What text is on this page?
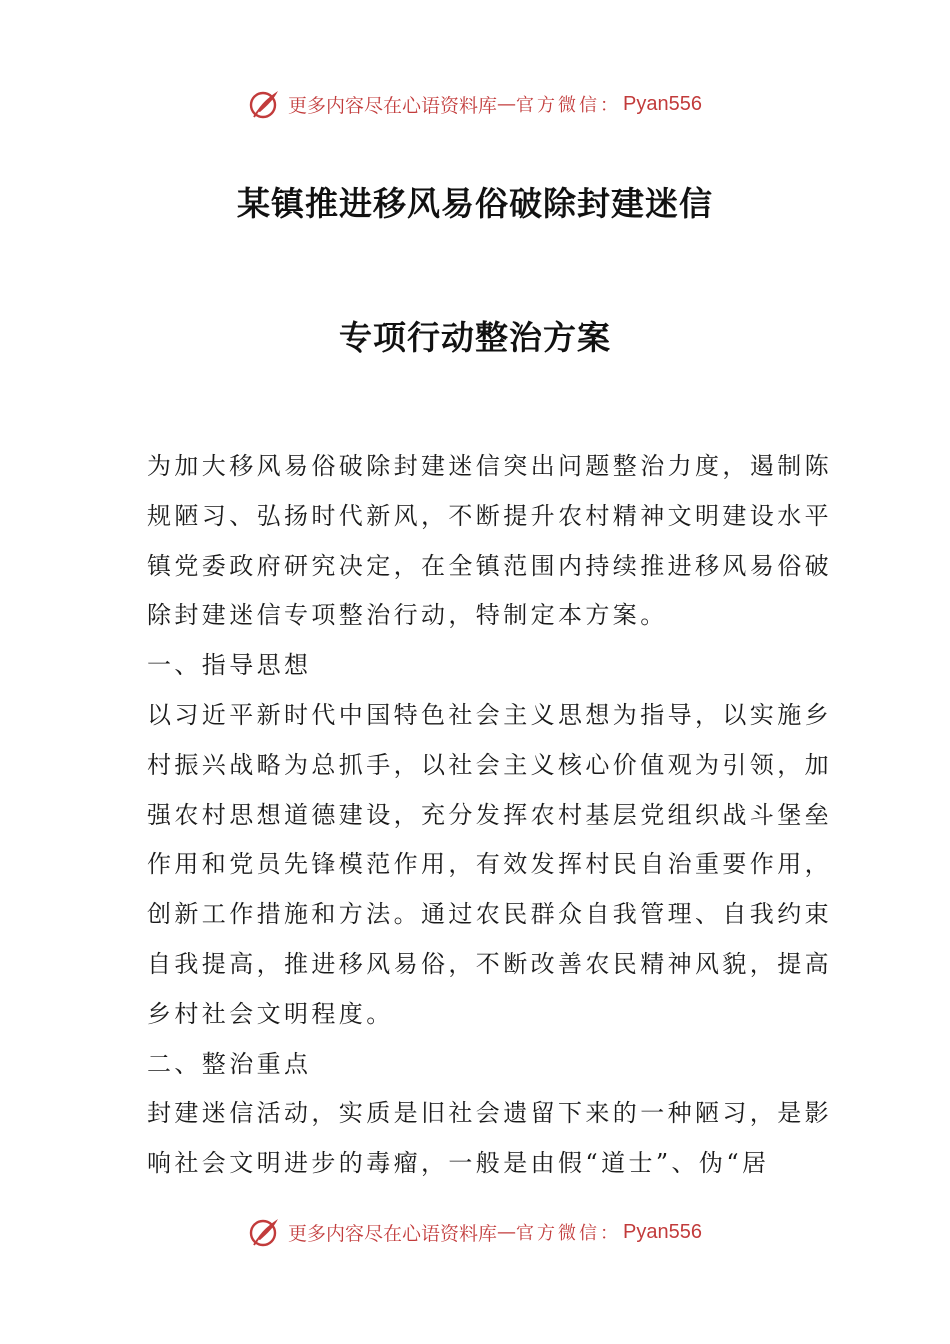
更多内容尽在心语资料库 — 官方微信： Pyan556
某镇推进移风易俗破除封建迷信
专项行动整治方案
为加大移风易俗破除封建迷信突出问题整治力度，遏制陈
规陋习、弘扬时代新风，不断提升农村精神文明建设水平
镇党委政府研究决定，在全镇范围内持续推进移风易俗破
除封建迷信专项整治行动，特制定本方案。
一、指导思想
以习近平新时代中国特色社会主义思想为指导，以实施乡
村振兴战略为总抓手，以社会主义核心价值观为引领，加
强农村思想道德建设，充分发挥农村基层党组织战斗堡垒
作用和党员先锋模范作用，有效发挥村民自治重要作用，
创新工作措施和方法。通过农民群众自我管理、自我约束
自我提高，推进移风易俗，不断改善农民精神风貌，提高
乡村社会文明程度。
二、整治重点
封建迷信活动，实质是旧社会遗留下来的一种陋习，是影
响社会文明进步的毒瘤，一般是由假“道士”、伪“居
更多内容尽在心语资料库 — 官方微信： Pyan556
